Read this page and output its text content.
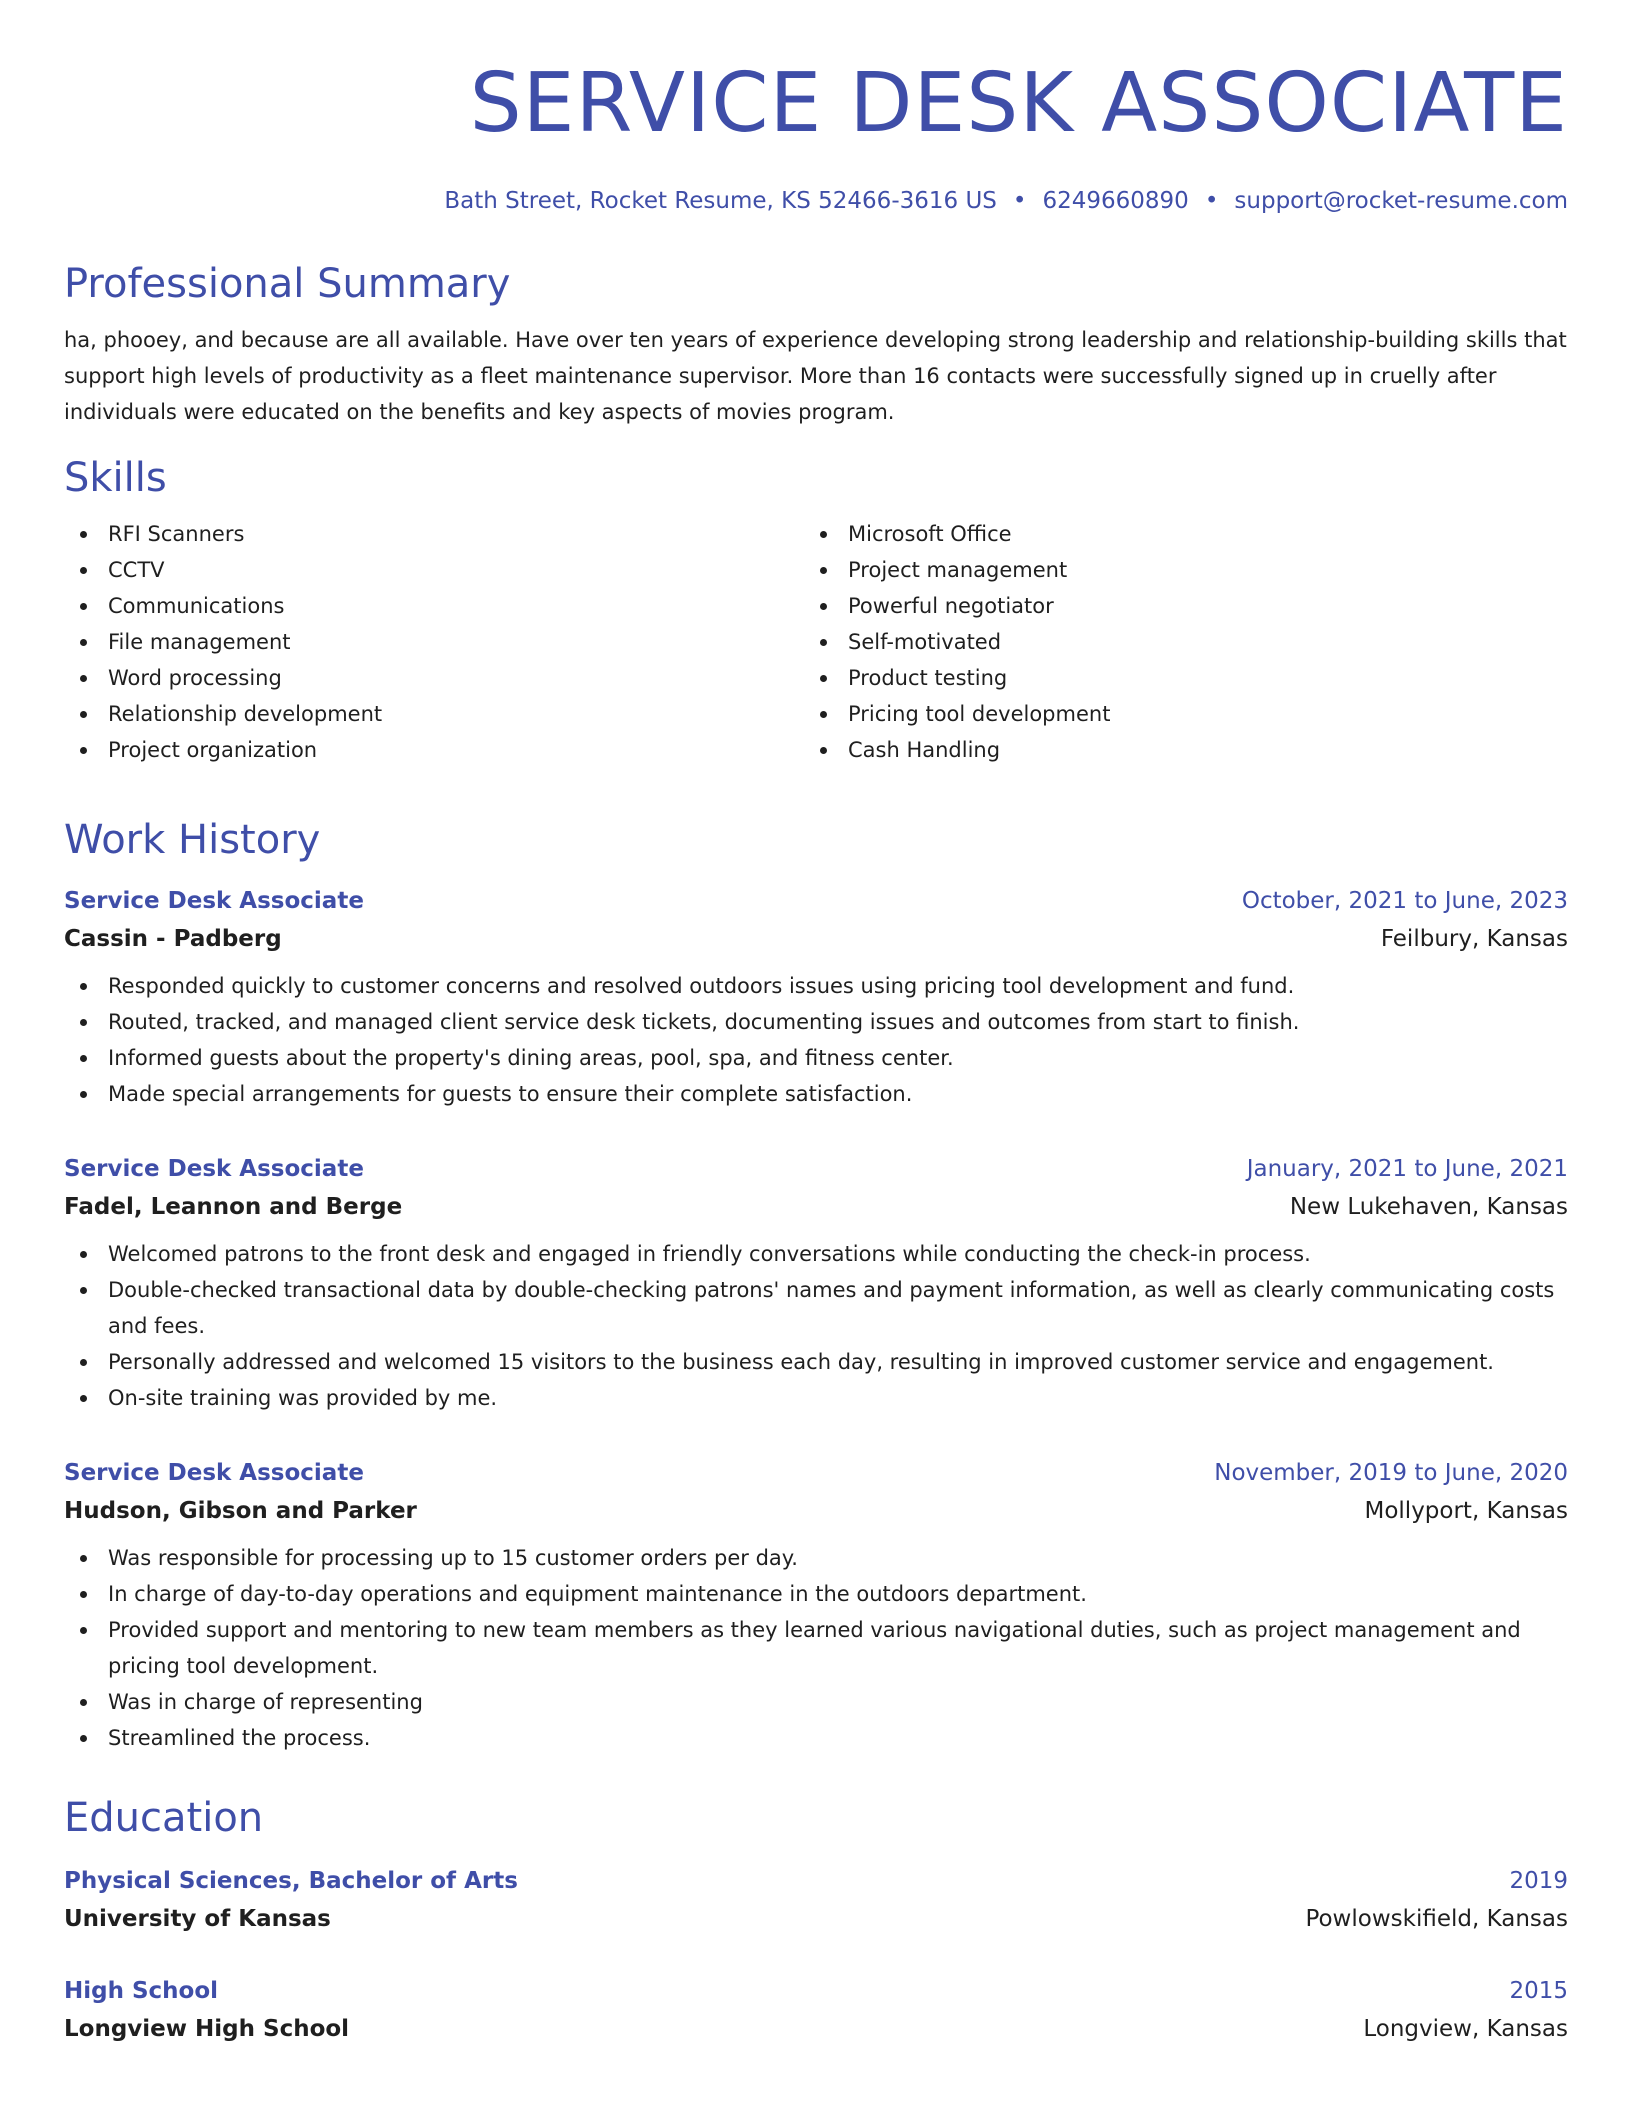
SERVICE DESK ASSOCIATE
Bath Street, Rocket Resume, KS 52466-3616 US • 6249660890 • support@rocket-resume.com
Professional Summary

ha, phooey, and because are all available. Have over ten years of experience developing strong leadership and relationship-building skills that support high levels of productivity as a fleet maintenance supervisor. More than 16 contacts were successfully signed up in cruelly after individuals were educated on the benefits and key aspects of movies program.

Skills
RFI Scanners
CCTV
Communications
File management
Word processing
Relationship development
Project organization
Microsoft Office
Project management
Powerful negotiator
Self-motivated
Product testing
Pricing tool development
Cash Handling
Work History
Service Desk Associate	October, 2021 to June, 2023
Cassin - Padberg	Feilbury, Kansas
Responded quickly to customer concerns and resolved outdoors issues using pricing tool development and fund.
Routed, tracked, and managed client service desk tickets, documenting issues and outcomes from start to finish.
Informed guests about the property's dining areas, pool, spa, and fitness center.
Made special arrangements for guests to ensure their complete satisfaction.
Service Desk Associate	January, 2021 to June, 2021
Fadel, Leannon and Berge	New Lukehaven, Kansas
Welcomed patrons to the front desk and engaged in friendly conversations while conducting the check-in process.
Double-checked transactional data by double-checking patrons' names and payment information, as well as clearly communicating costs and fees.
Personally addressed and welcomed 15 visitors to the business each day, resulting in improved customer service and engagement.
On-site training was provided by me.
Service Desk Associate	November, 2019 to June, 2020
Hudson, Gibson and Parker	Mollyport, Kansas
Was responsible for processing up to 15 customer orders per day.
In charge of day-to-day operations and equipment maintenance in the outdoors department.
Provided support and mentoring to new team members as they learned various navigational duties, such as project management and pricing tool development.
Was in charge of representing
Streamlined the process.
Education
Physical Sciences, Bachelor of Arts	2019
University of Kansas	Powlowskifield, Kansas
High School	2015
Longview High School	Longview, Kansas
